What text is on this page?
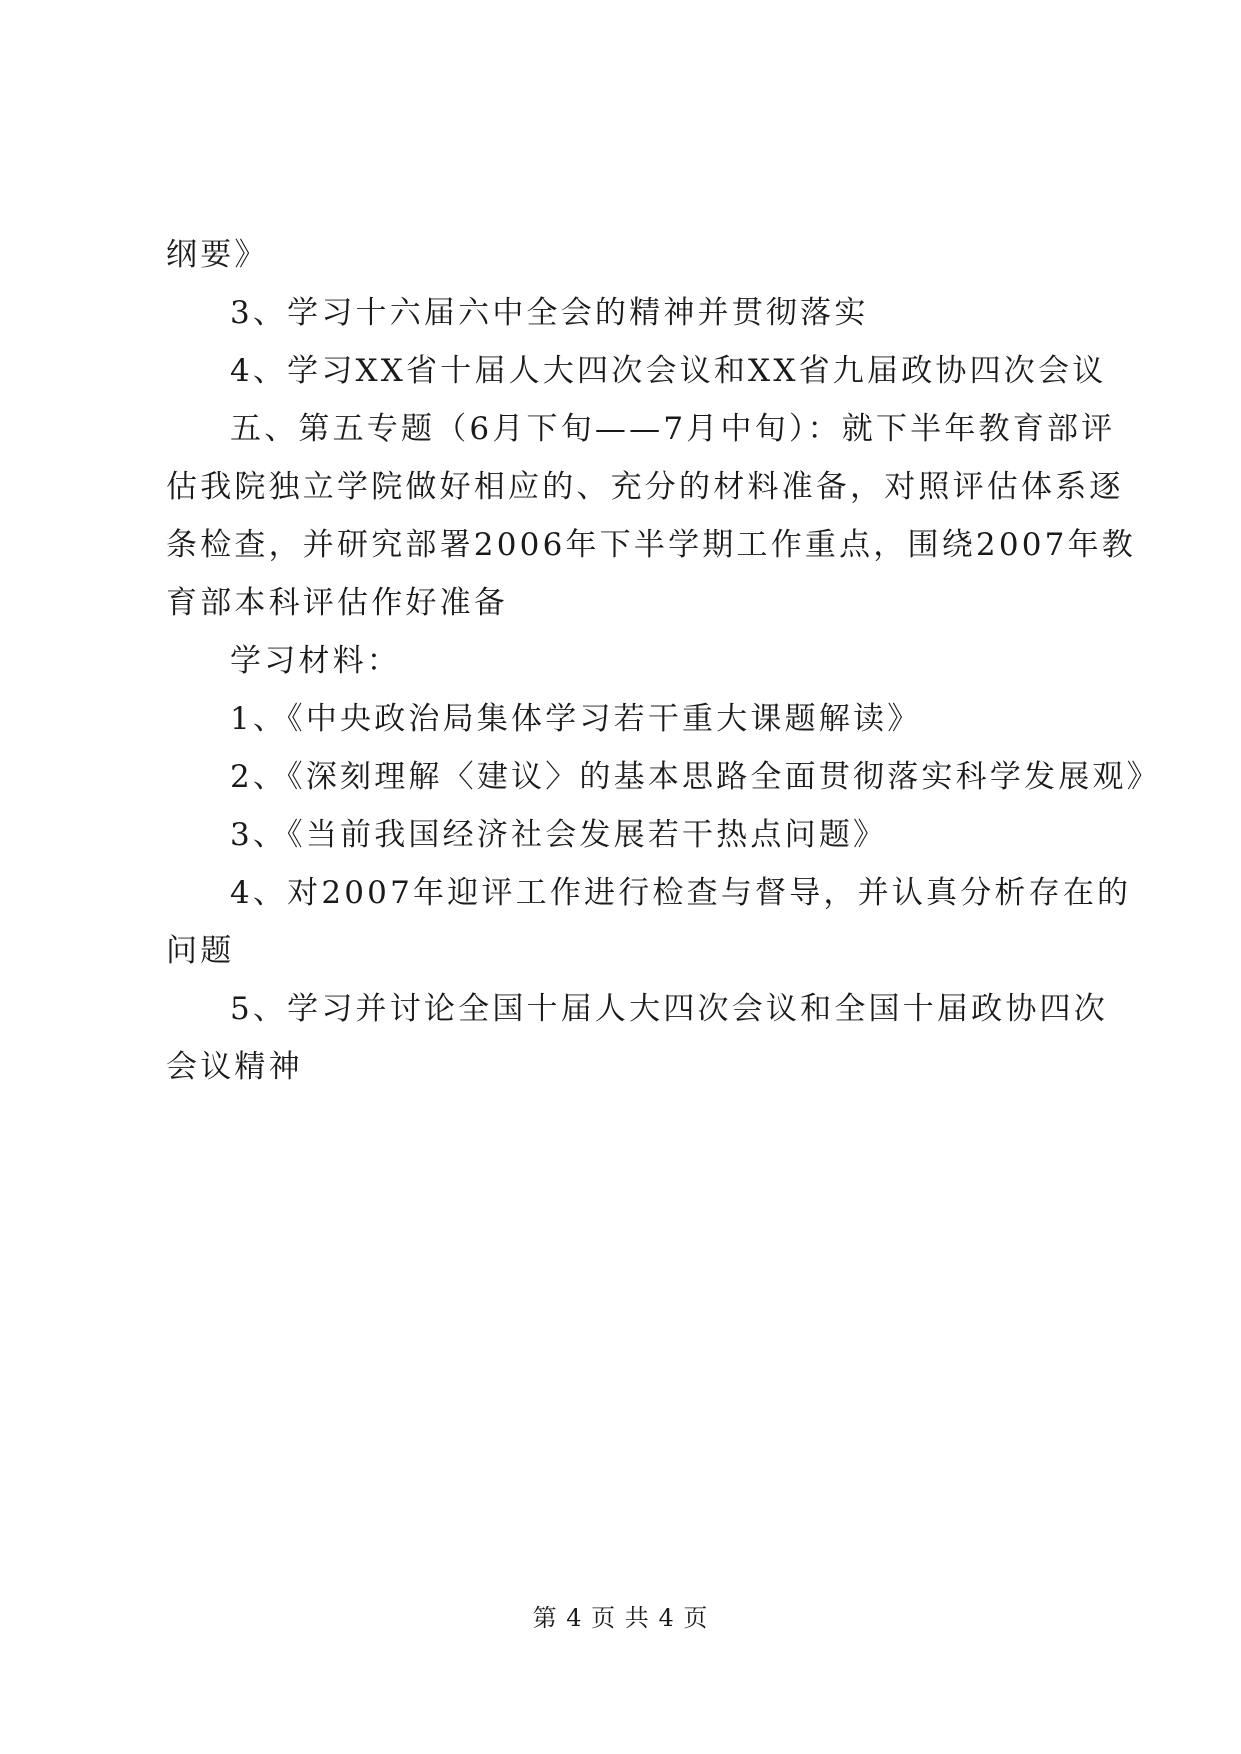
纲要》

3、学习十六届六中全会的精神并贯彻落实

4、学习XX省十届人大四次会议和XX省九届政协四次会议

五、第五专题（6月下旬——7月中旬）：就下半年教育部评

估我院独立学院做好相应的、充分的材料准备，对照评估体系逐

条检查，并研究部署2006年下半学期工作重点，围绕2007年教

育部本科评估作好准备

学习材料：

1、《中央政治局集体学习若干重大课题解读》

2、《深刻理解〈建议〉的基本思路全面贯彻落实科学发展观》

3、《当前我国经济社会发展若干热点问题》

4、对2007年迎评工作进行检查与督导，并认真分析存在的

问题

5、学习并讨论全国十届人大四次会议和全国十届政协四次

会议精神

第 4 页 共 4 页
